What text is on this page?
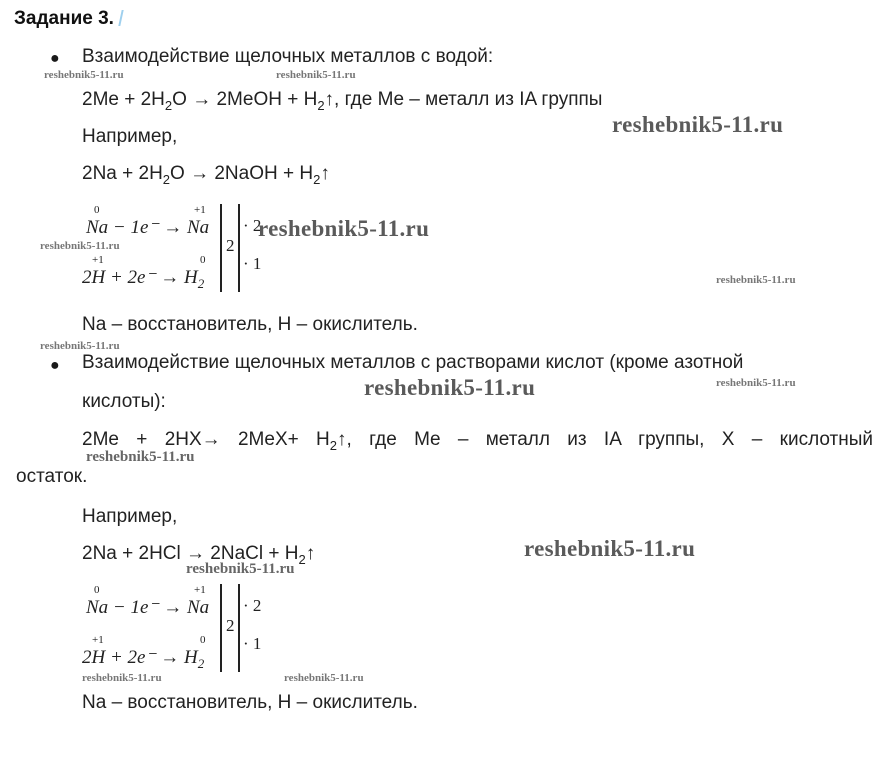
Задание 3.
● Взаимодействие щелочных металлов с водой:
$2Me + 2H_2O$ → 2MeOH + $H_2↑$, где Me – металл из IA группы
Например,
$2Na + 2H_2O$ → 2NaOH + $H_2↑$
0	+1
Na − 1e⁻ → Na
+1	0
$2H + 2e^- \to H_2$
2
· 2
· 1
Na – восстановитель, H – окислитель.
● Взаимодействие щелочных металлов с растворами кислот (кроме азотной
кислоты):
$2Me + 2HX\to 2MeX+ H_2↑$, где Me – металл из IA группы, X – кислотный
остаток.
Например,
2Na + 2HCl → 2NaCl + $H_2↑$
0	+1
Na − 1e⁻ → Na
+1	0
$2H + 2e^- \to H_2$
2
· 2
· 1
Na – восстановитель, H – окислитель.
reshebnik5-11.ru	reshebnik5-11.ru
reshebnik5-11.ru
reshebnik5-11.ru
reshebnik5-11.ru
reshebnik5-11.ru
reshebnik5-11.ru
reshebnik5-11.ru
reshebnik5-11.ru
reshebnik5-11.ru
reshebnik5-11.ru
reshebnik5-11.ru
reshebnik5-11.ru	reshebnik5-11.ru
